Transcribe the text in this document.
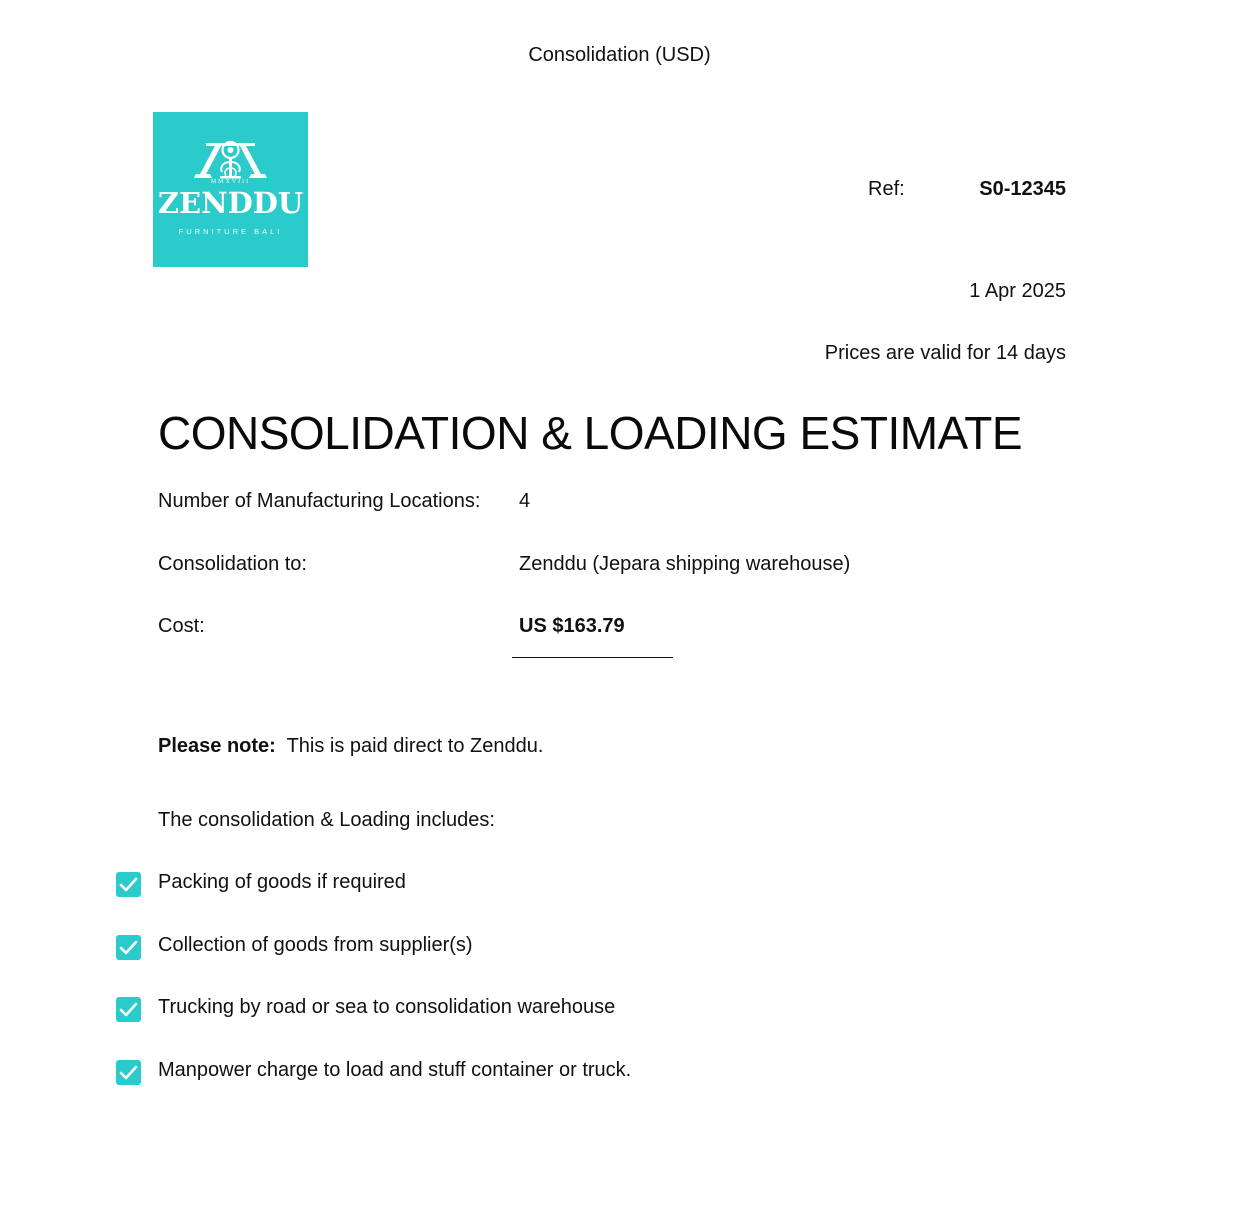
Consolidation (USD)
MMXVIII
ZENDDU
FURNITURE BALI
Ref:	S0-12345
1 Apr 2025
Prices are valid for 14 days
CONSOLIDATION & LOADING ESTIMATE
Number of Manufacturing Locations: 4
Consolidation to:	Zenddu (Jepara shipping warehouse)
Cost:	US $163.79
Please note: This is paid direct to Zenddu.
The consolidation & Loading includes:
Packing of goods if required
Collection of goods from supplier(s)
Trucking by road or sea to consolidation warehouse
Manpower charge to load and stuff container or truck.
